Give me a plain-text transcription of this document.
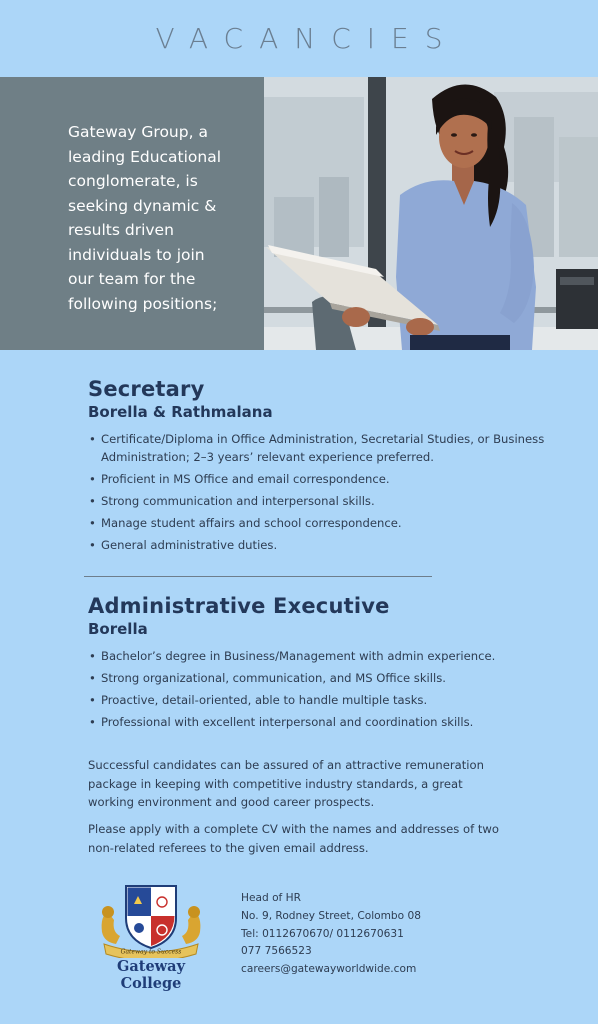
VACANCIES

Gateway Group, a
leading Educational
conglomerate, is
seeking dynamic &
results driven
individuals to join
our team for the
following positions;

Secretary
Borella & Rathmalana
• Certificate/Diploma in Office Administration, Secretarial Studies, or Business Administration; 2–3 years’ relevant experience preferred.
• Proficient in MS Office and email correspondence.
• Strong communication and interpersonal skills.
• Manage student affairs and school correspondence.
• General administrative duties.
Administrative Executive
Borella
• Bachelor’s degree in Business/Management with admin experience.
• Strong organizational, communication, and MS Office skills.
• Proactive, detail-oriented, able to handle multiple tasks.
• Professional with excellent interpersonal and coordination skills.

Successful candidates can be assured of an attractive remuneration package in keeping with competitive industry standards, a great working environment and good career prospects.

Please apply with a complete CV with the names and addresses of two non-related referees to the given email address.

Gateway to Success
Gateway College
Head of HR
No. 9, Rodney Street, Colombo 08
Tel: 0112670670/ 0112670631
077 7566523
careers@gatewayworldwide.com
